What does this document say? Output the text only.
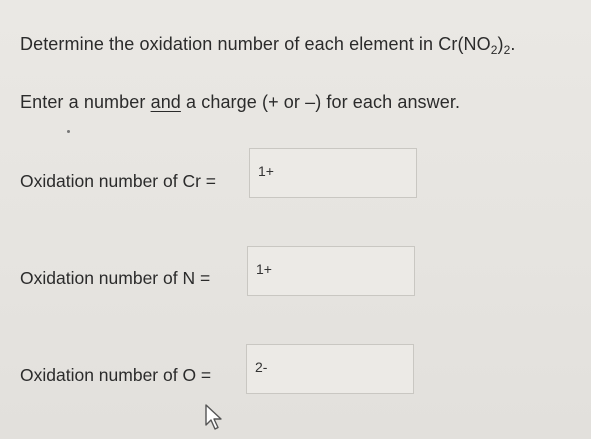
Determine the oxidation number of each element in $Cr(NO_2)_2$.
Enter a number and a charge (+ or –) for each answer.
Oxidation number of Cr =	1+
Oxidation number of N =	1+
Oxidation number of O =	2-
